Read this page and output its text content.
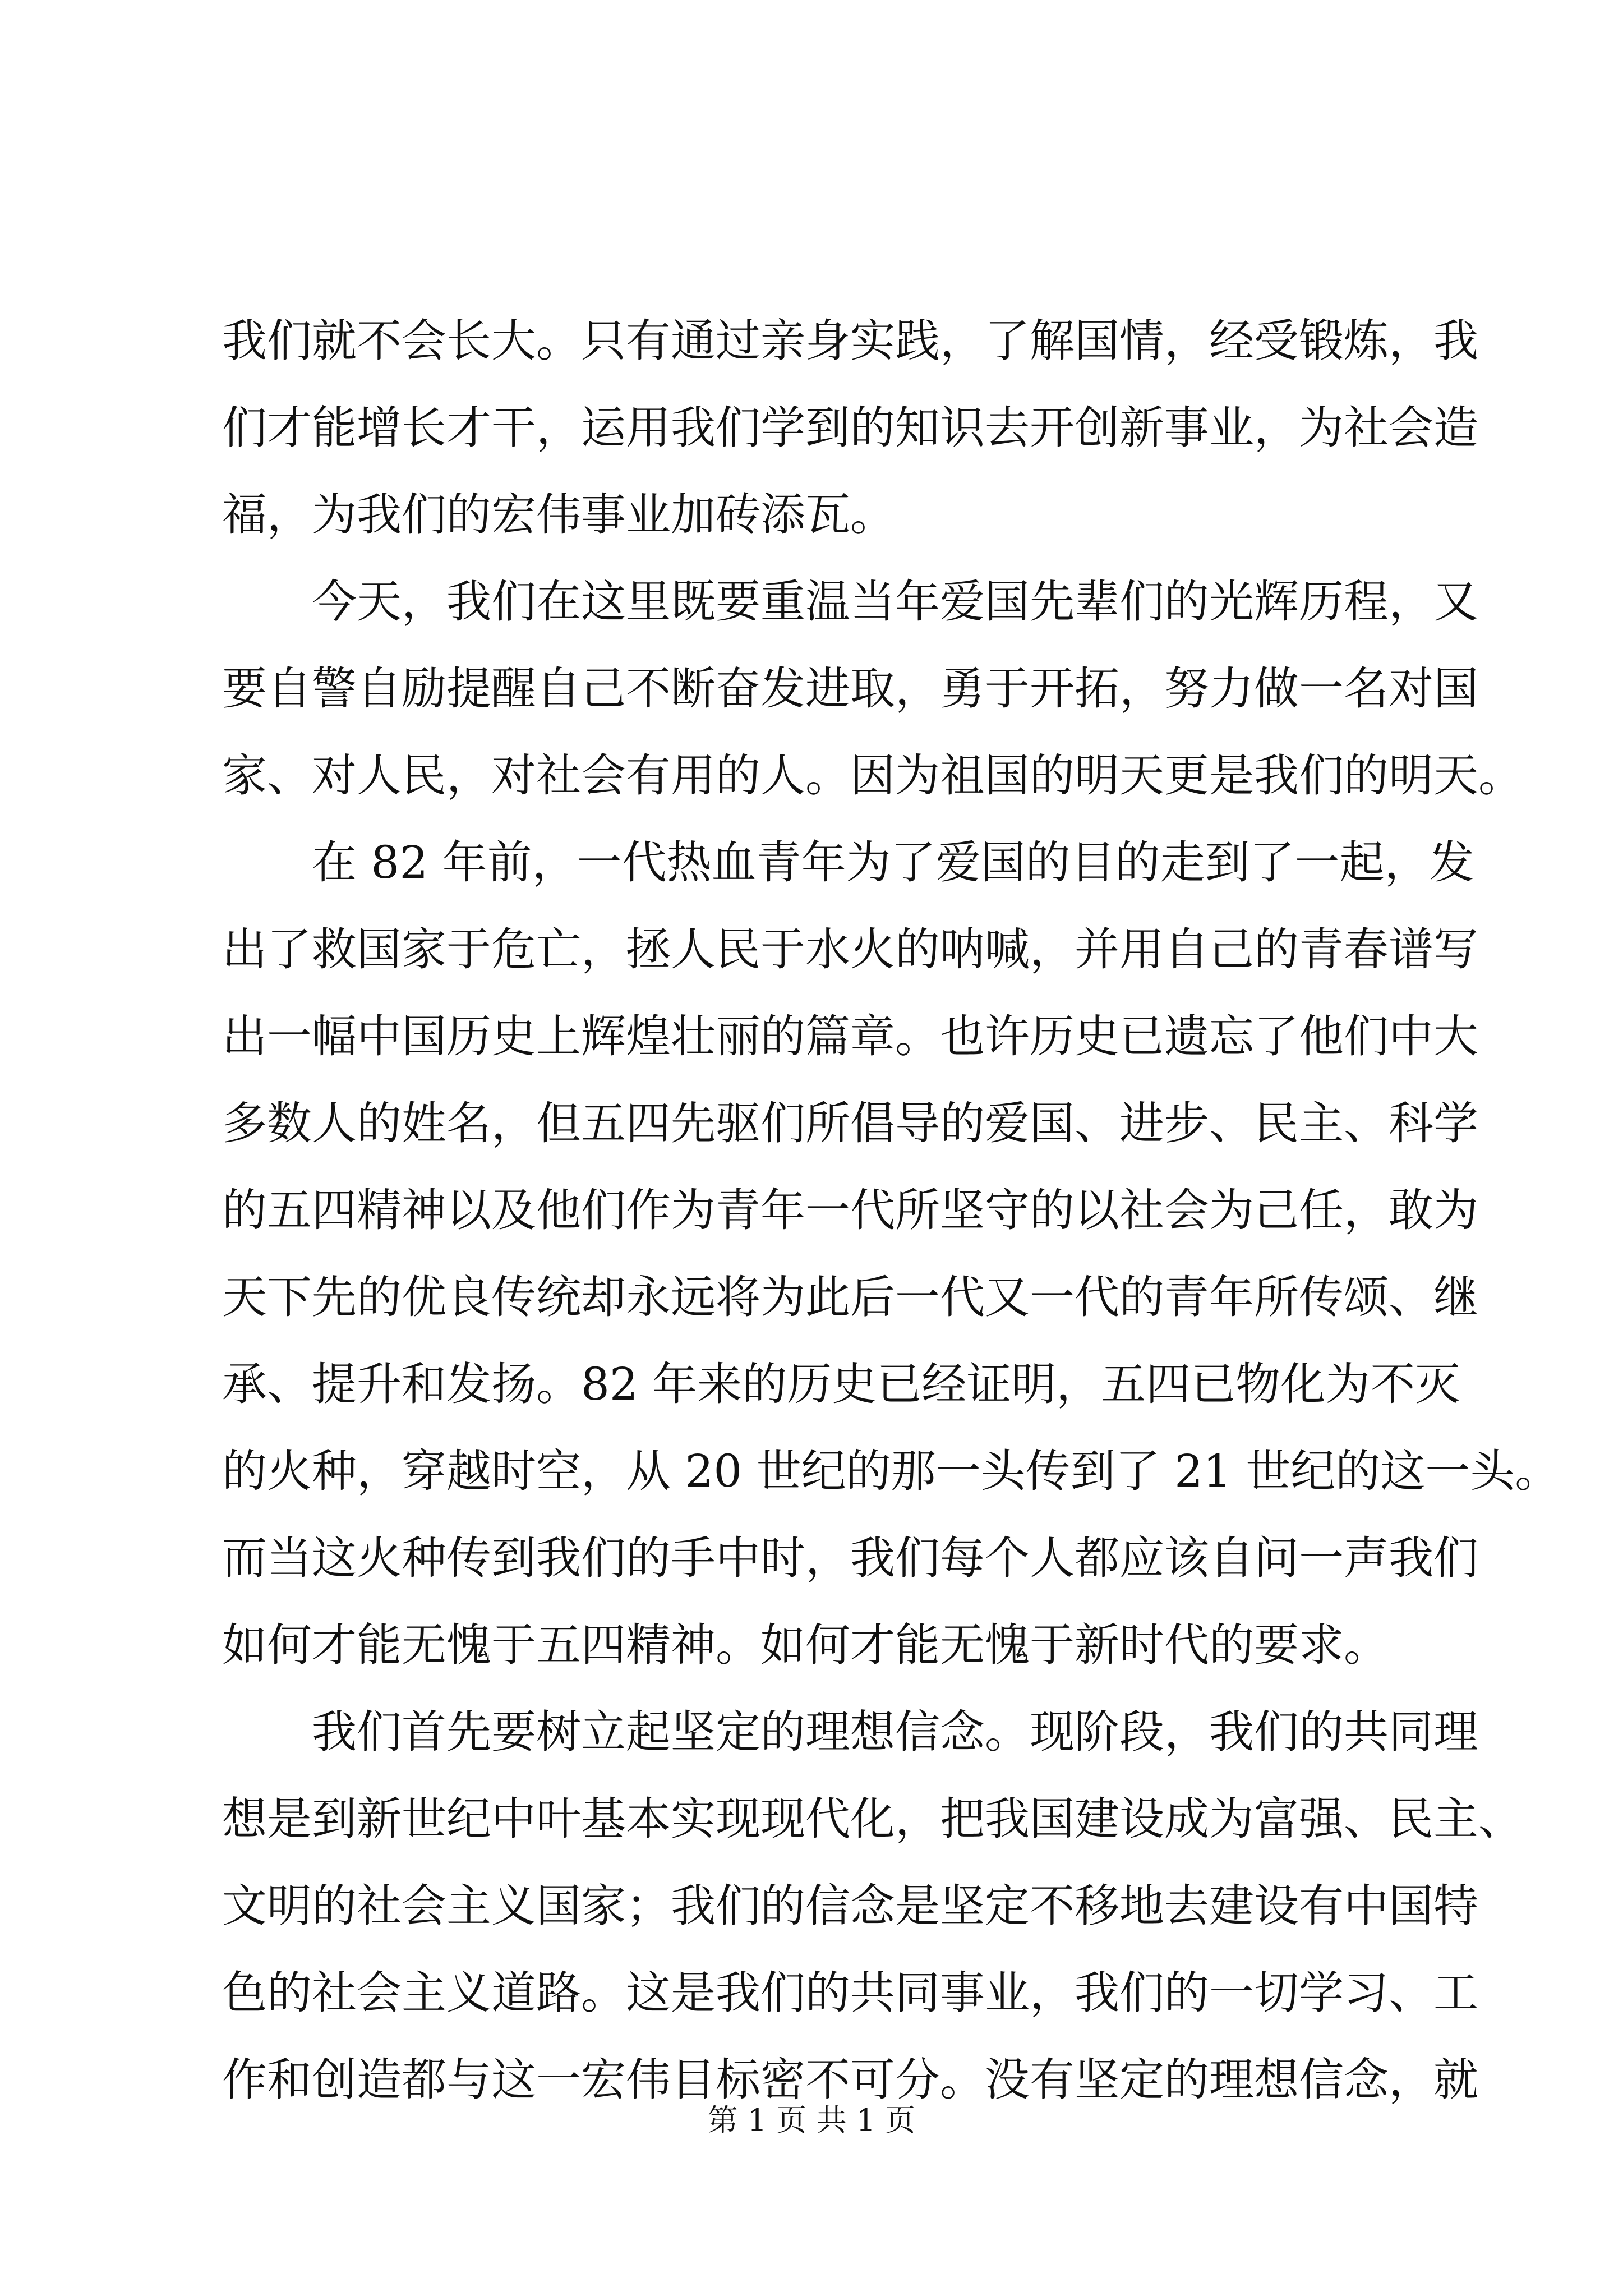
我们就不会长大。只有通过亲身实践，了解国情，经受锻炼，我
们才能增长才干，运用我们学到的知识去开创新事业，为社会造
福，为我们的宏伟事业加砖添瓦。
今天，我们在这里既要重温当年爱国先辈们的光辉历程，又
要自警自励提醒自己不断奋发进取，勇于开拓，努力做一名对国
家、对人民，对社会有用的人。因为祖国的明天更是我们的明天。
在 82 年前，一代热血青年为了爱国的目的走到了一起，发
出了救国家于危亡，拯人民于水火的呐喊，并用自己的青春谱写
出一幅中国历史上辉煌壮丽的篇章。也许历史已遗忘了他们中大
多数人的姓名，但五四先驱们所倡导的爱国、进步、民主、科学
的五四精神以及他们作为青年一代所坚守的以社会为己任，敢为
天下先的优良传统却永远将为此后一代又一代的青年所传颂、继
承、提升和发扬。82 年来的历史已经证明，五四已物化为不灭
的火种，穿越时空，从 20 世纪的那一头传到了 21 世纪的这一头。
而当这火种传到我们的手中时，我们每个人都应该自问一声我们
如何才能无愧于五四精神。如何才能无愧于新时代的要求。
我们首先要树立起坚定的理想信念。现阶段，我们的共同理
想是到新世纪中叶基本实现现代化，把我国建设成为富强、民主、
文明的社会主义国家；我们的信念是坚定不移地去建设有中国特
色的社会主义道路。这是我们的共同事业，我们的一切学习、工
作和创造都与这一宏伟目标密不可分。没有坚定的理想信念，就
第 1 页 共 1 页
